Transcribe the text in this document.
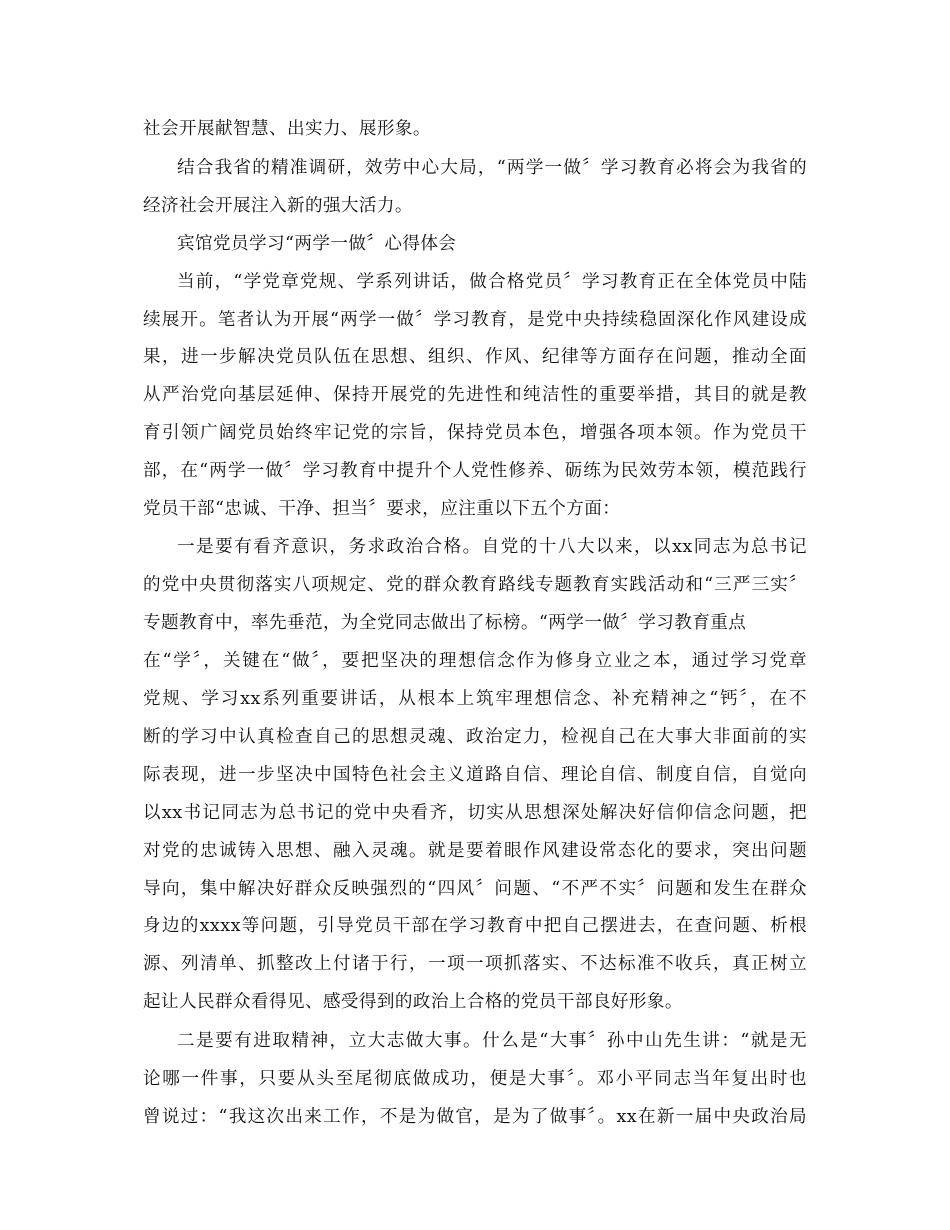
社会开展献智慧、出实力、展形象。
结合我省的精准调研，效劳中心大局，“两学一做〞学习教育必将会为我省的
经济社会开展注入新的强大活力。
宾馆党员学习“两学一做〞心得体会
当前，“学党章党规、学系列讲话，做合格党员〞学习教育正在全体党员中陆
续展开。笔者认为开展“两学一做〞学习教育，是党中央持续稳固深化作风建设成
果，进一步解决党员队伍在思想、组织、作风、纪律等方面存在问题，推动全面
从严治党向基层延伸、保持开展党的先进性和纯洁性的重要举措，其目的就是教
育引领广阔党员始终牢记党的宗旨，保持党员本色，增强各项本领。作为党员干
部，在“两学一做〞学习教育中提升个人党性修养、砺练为民效劳本领，模范践行
党员干部“忠诚、干净、担当〞要求，应注重以下五个方面：
一是要有看齐意识，务求政治合格。自党的十八大以来，以xx同志为总书记
的党中央贯彻落实八项规定、党的群众教育路线专题教育实践活动和“三严三实〞
专题教育中，率先垂范，为全党同志做出了标榜。“两学一做〞学习教育重点
在“学〞，关键在“做〞，要把坚决的理想信念作为修身立业之本，通过学习党章
党规、学习xx系列重要讲话，从根本上筑牢理想信念、补充精神之“钙〞，在不
断的学习中认真检查自己的思想灵魂、政治定力，检视自己在大事大非面前的实
际表现，进一步坚决中国特色社会主义道路自信、理论自信、制度自信，自觉向
以xx书记同志为总书记的党中央看齐，切实从思想深处解决好信仰信念问题，把
对党的忠诚铸入思想、融入灵魂。就是要着眼作风建设常态化的要求，突出问题
导向，集中解决好群众反映强烈的“四风〞问题、“不严不实〞问题和发生在群众
身边的xxxx等问题，引导党员干部在学习教育中把自己摆进去，在查问题、析根
源、列清单、抓整改上付诸于行，一项一项抓落实、不达标准不收兵，真正树立
起让人民群众看得见、感受得到的政治上合格的党员干部良好形象。
二是要有进取精神，立大志做大事。什么是“大事〞孙中山先生讲：“就是无
论哪一件事，只要从头至尾彻底做成功，便是大事〞。邓小平同志当年复出时也
曾说过：“我这次出来工作，不是为做官，是为了做事〞。xx在新一届中央政治局
